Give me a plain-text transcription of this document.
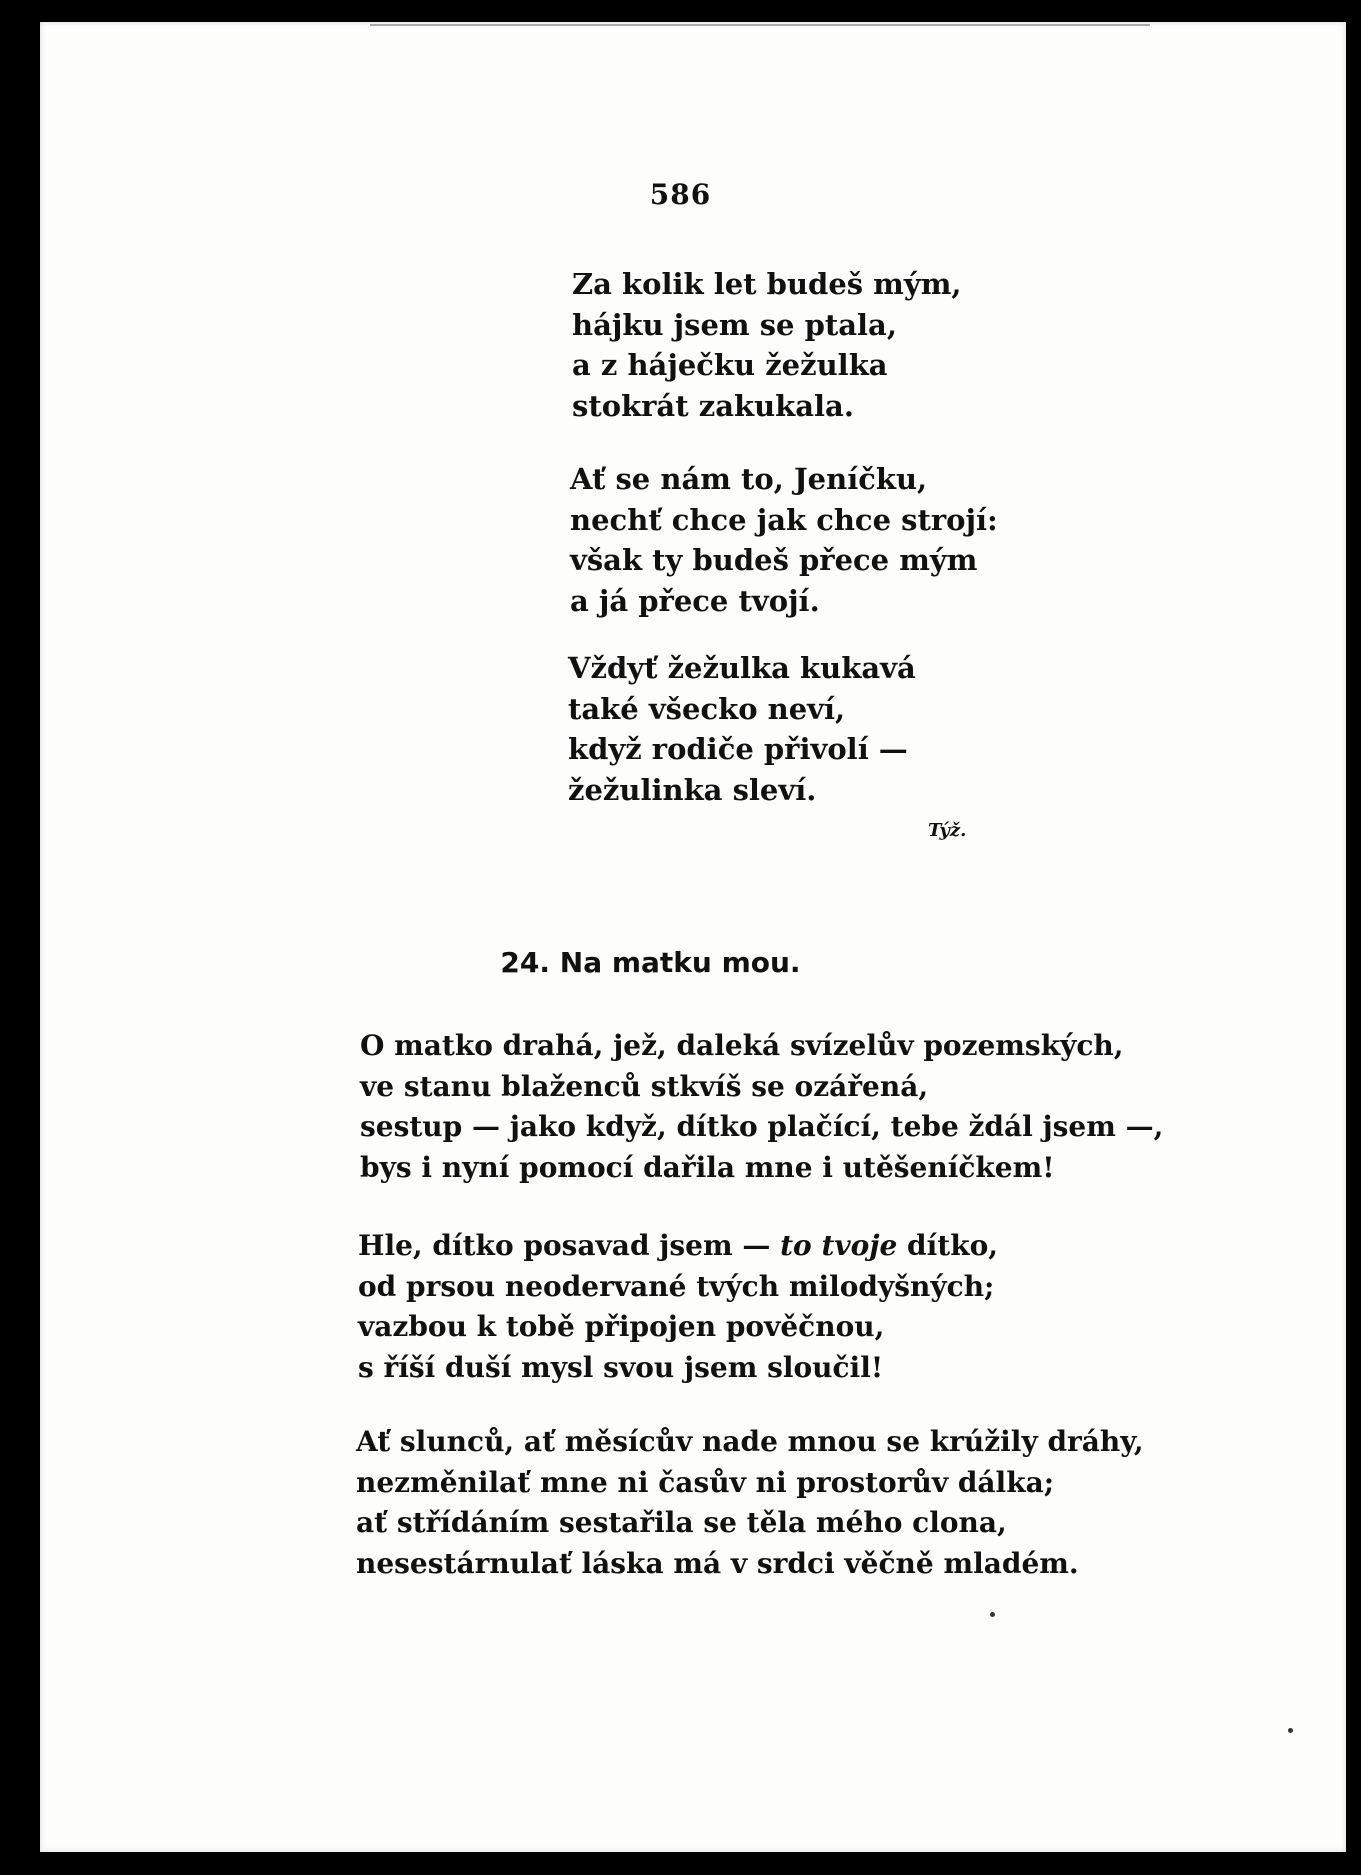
586
Za kolik let budeš mým,
hájku jsem se ptala,
a z háječku žežulka
stokrát zakukala.
Ať se nám to, Jeníčku,
nechť chce jak chce strojí:
však ty budeš přece mým
a já přece tvojí.
Vždyť žežulka kukavá
také všecko neví,
když rodiče přivolí —
žežulinka sleví.
Týž.
24. Na matku mou.
O matko drahá, jež, daleká svízelův pozemských,
ve stanu blaženců stkvíš se ozářená,
sestup — jako když, dítko plačící, tebe ždál jsem —,
bys i nyní pomocí dařila mne i utěšeníčkem!
Hle, dítko posavad jsem — to tvoje dítko,
od prsou neodervané tvých milodyšných;
vazbou k tobě připojen pověčnou,
s říší duší mysl svou jsem sloučil!
Ať slunců, ať měsícův nade mnou se krúžily dráhy,
nezměnilať mne ni časův ni prostorův dálka;
ať střídáním sestařila se těla mého clona,
nesestárnulať láska má v srdci věčně mladém.
